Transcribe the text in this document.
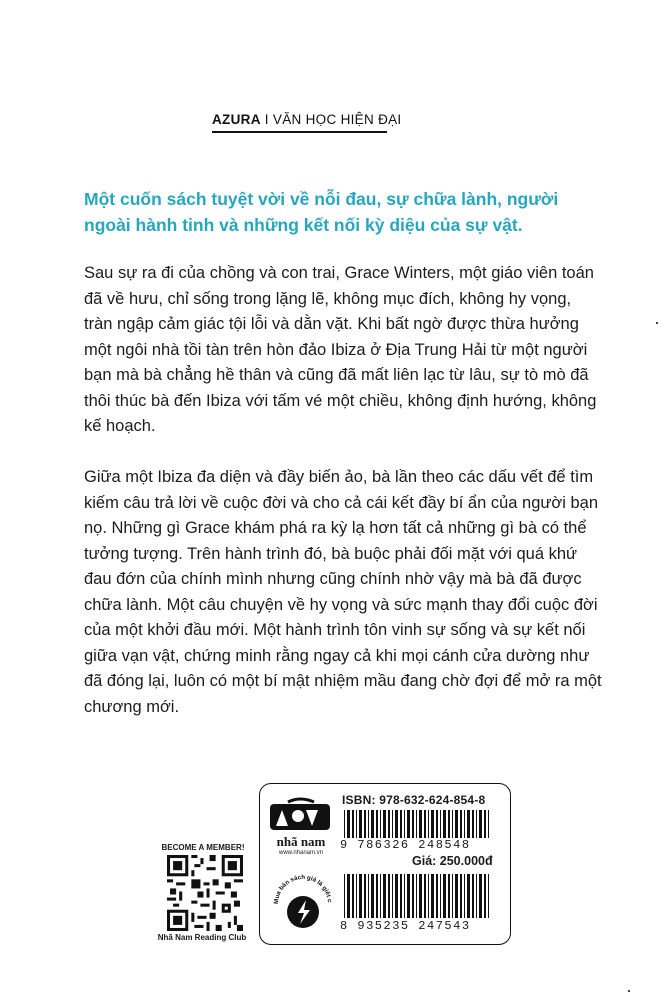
AZURA I VĂN HỌC HIỆN ĐẠI
Một cuốn sách tuyệt vời về nỗi đau, sự chữa lành, người ngoài hành tinh và những kết nối kỳ diệu của sự vật.
Sau sự ra đi của chồng và con trai, Grace Winters, một giáo viên toán đã về hưu, chỉ sống trong lặng lẽ, không mục đích, không hy vọng, tràn ngập cảm giác tội lỗi và dằn vặt. Khi bất ngờ được thừa hưởng một ngôi nhà tồi tàn trên hòn đảo Ibiza ở Địa Trung Hải từ một người bạn mà bà chẳng hề thân và cũng đã mất liên lạc từ lâu, sự tò mò đã thôi thúc bà đến Ibiza với tấm vé một chiều, không định hướng, không kế hoạch.
Giữa một Ibiza đa diện và đầy biến ảo, bà lần theo các dấu vết để tìm kiếm câu trả lời về cuộc đời và cho cả cái kết đầy bí ẩn của người bạn nọ. Những gì Grace khám phá ra kỳ lạ hơn tất cả những gì bà có thể tưởng tượng. Trên hành trình đó, bà buộc phải đối mặt với quá khứ đau đớn của chính mình nhưng cũng chính nhờ vậy mà bà đã được chữa lành. Một câu chuyện về hy vọng và sức mạnh thay đổi cuộc đời của một khởi đầu mới. Một hành trình tôn vinh sự sống và sự kết nối giữa vạn vật, chứng minh rằng ngay cả khi mọi cánh cửa dường như đã đóng lại, luôn có một bí mật nhiệm mầu đang chờ đợi để mở ra một chương mới.
BECOME A MEMBER!
Nhã Nam Reading Club
nhã nam
www.nhanam.vn
Mua bán sách giả là giết c
ISBN: 978-632-624-854-8
9 786326 248548
Giá: 250.000đ
8 935235 247543
